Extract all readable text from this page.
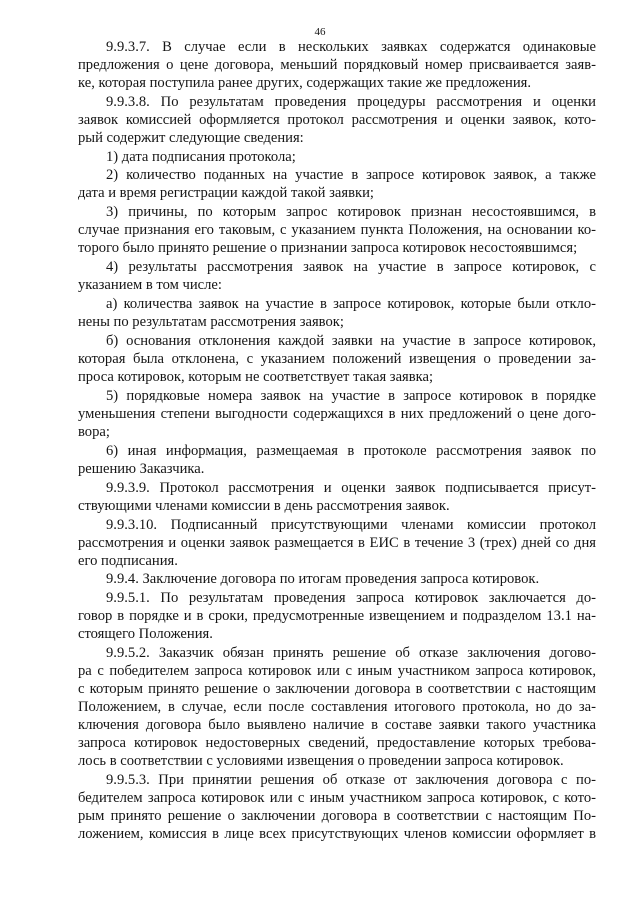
46
9.9.3.7. В случае если в нескольких заявках содержатся одинаковые
предложения о цене договора, меньший порядковый номер присваивается заяв-
ке, которая поступила ранее других, содержащих такие же предложения.
9.9.3.8. По результатам проведения процедуры рассмотрения и оценки
заявок комиссией оформляется протокол рассмотрения и оценки заявок, кото-
рый содержит следующие сведения:
1) дата подписания протокола;
2) количество поданных на участие в запросе котировок заявок, а также
дата и время регистрации каждой такой заявки;
3) причины, по которым запрос котировок признан несостоявшимся, в
случае признания его таковым, с указанием пункта Положения, на основании ко-
торого было принято решение о признании запроса котировок несостоявшимся;
4) результаты рассмотрения заявок на участие в запросе котировок, с
указанием в том числе:
а) количества заявок на участие в запросе котировок, которые были отклo-
нены по результатам рассмотрения заявок;
б) основания отклонения каждой заявки на участие в запросе котировок,
которая была отклонена, с указанием положений извещения о проведении за-
проса котировок, которым не соответствует такая заявка;
5) порядковые номера заявок на участие в запросе котировок в порядке
уменьшения степени выгодности содержащихся в них предложений о цене дого-
вора;
6) иная информация, размещаемая в протоколе рассмотрения заявок по
решению Заказчика.
9.9.3.9. Протокол рассмотрения и оценки заявок подписывается присут-
ствующими членами комиссии в день рассмотрения заявок.
9.9.3.10. Подписанный присутствующими членами комиссии протокол
рассмотрения и оценки заявок размещается в ЕИС в течение 3 (трех) дней со дня
его подписания.
9.9.4. Заключение договора по итогам проведения запроса котировок.
9.9.5.1. По результатам проведения запроса котировок заключается до-
говор в порядке и в сроки, предусмотренные извещением и подразделом 13.1 на-
стоящего Положения.
9.9.5.2. Заказчик обязан принять решение об отказе заключения догово-
ра с победителем запроса котировок или с иным участником запроса котировок,
с которым принято решение о заключении договора в соответствии с настоящим
Положением, в случае, если после составления итогового протокола, но до за-
ключения договора было выявлено наличие в составе заявки такого участника
запроса котировок недостоверных сведений, предоставление которых требова-
лось в соответствии с условиями извещения о проведении запроса котировок.
9.9.5.3. При принятии решения об отказе от заключения договора с по-
бедителем запроса котировок или с иным участником запроса котировок, с кото-
рым принято решение о заключении договора в соответствии с настоящим По-
ложением, комиссия в лице всех присутствующих членов комиссии оформляет в
